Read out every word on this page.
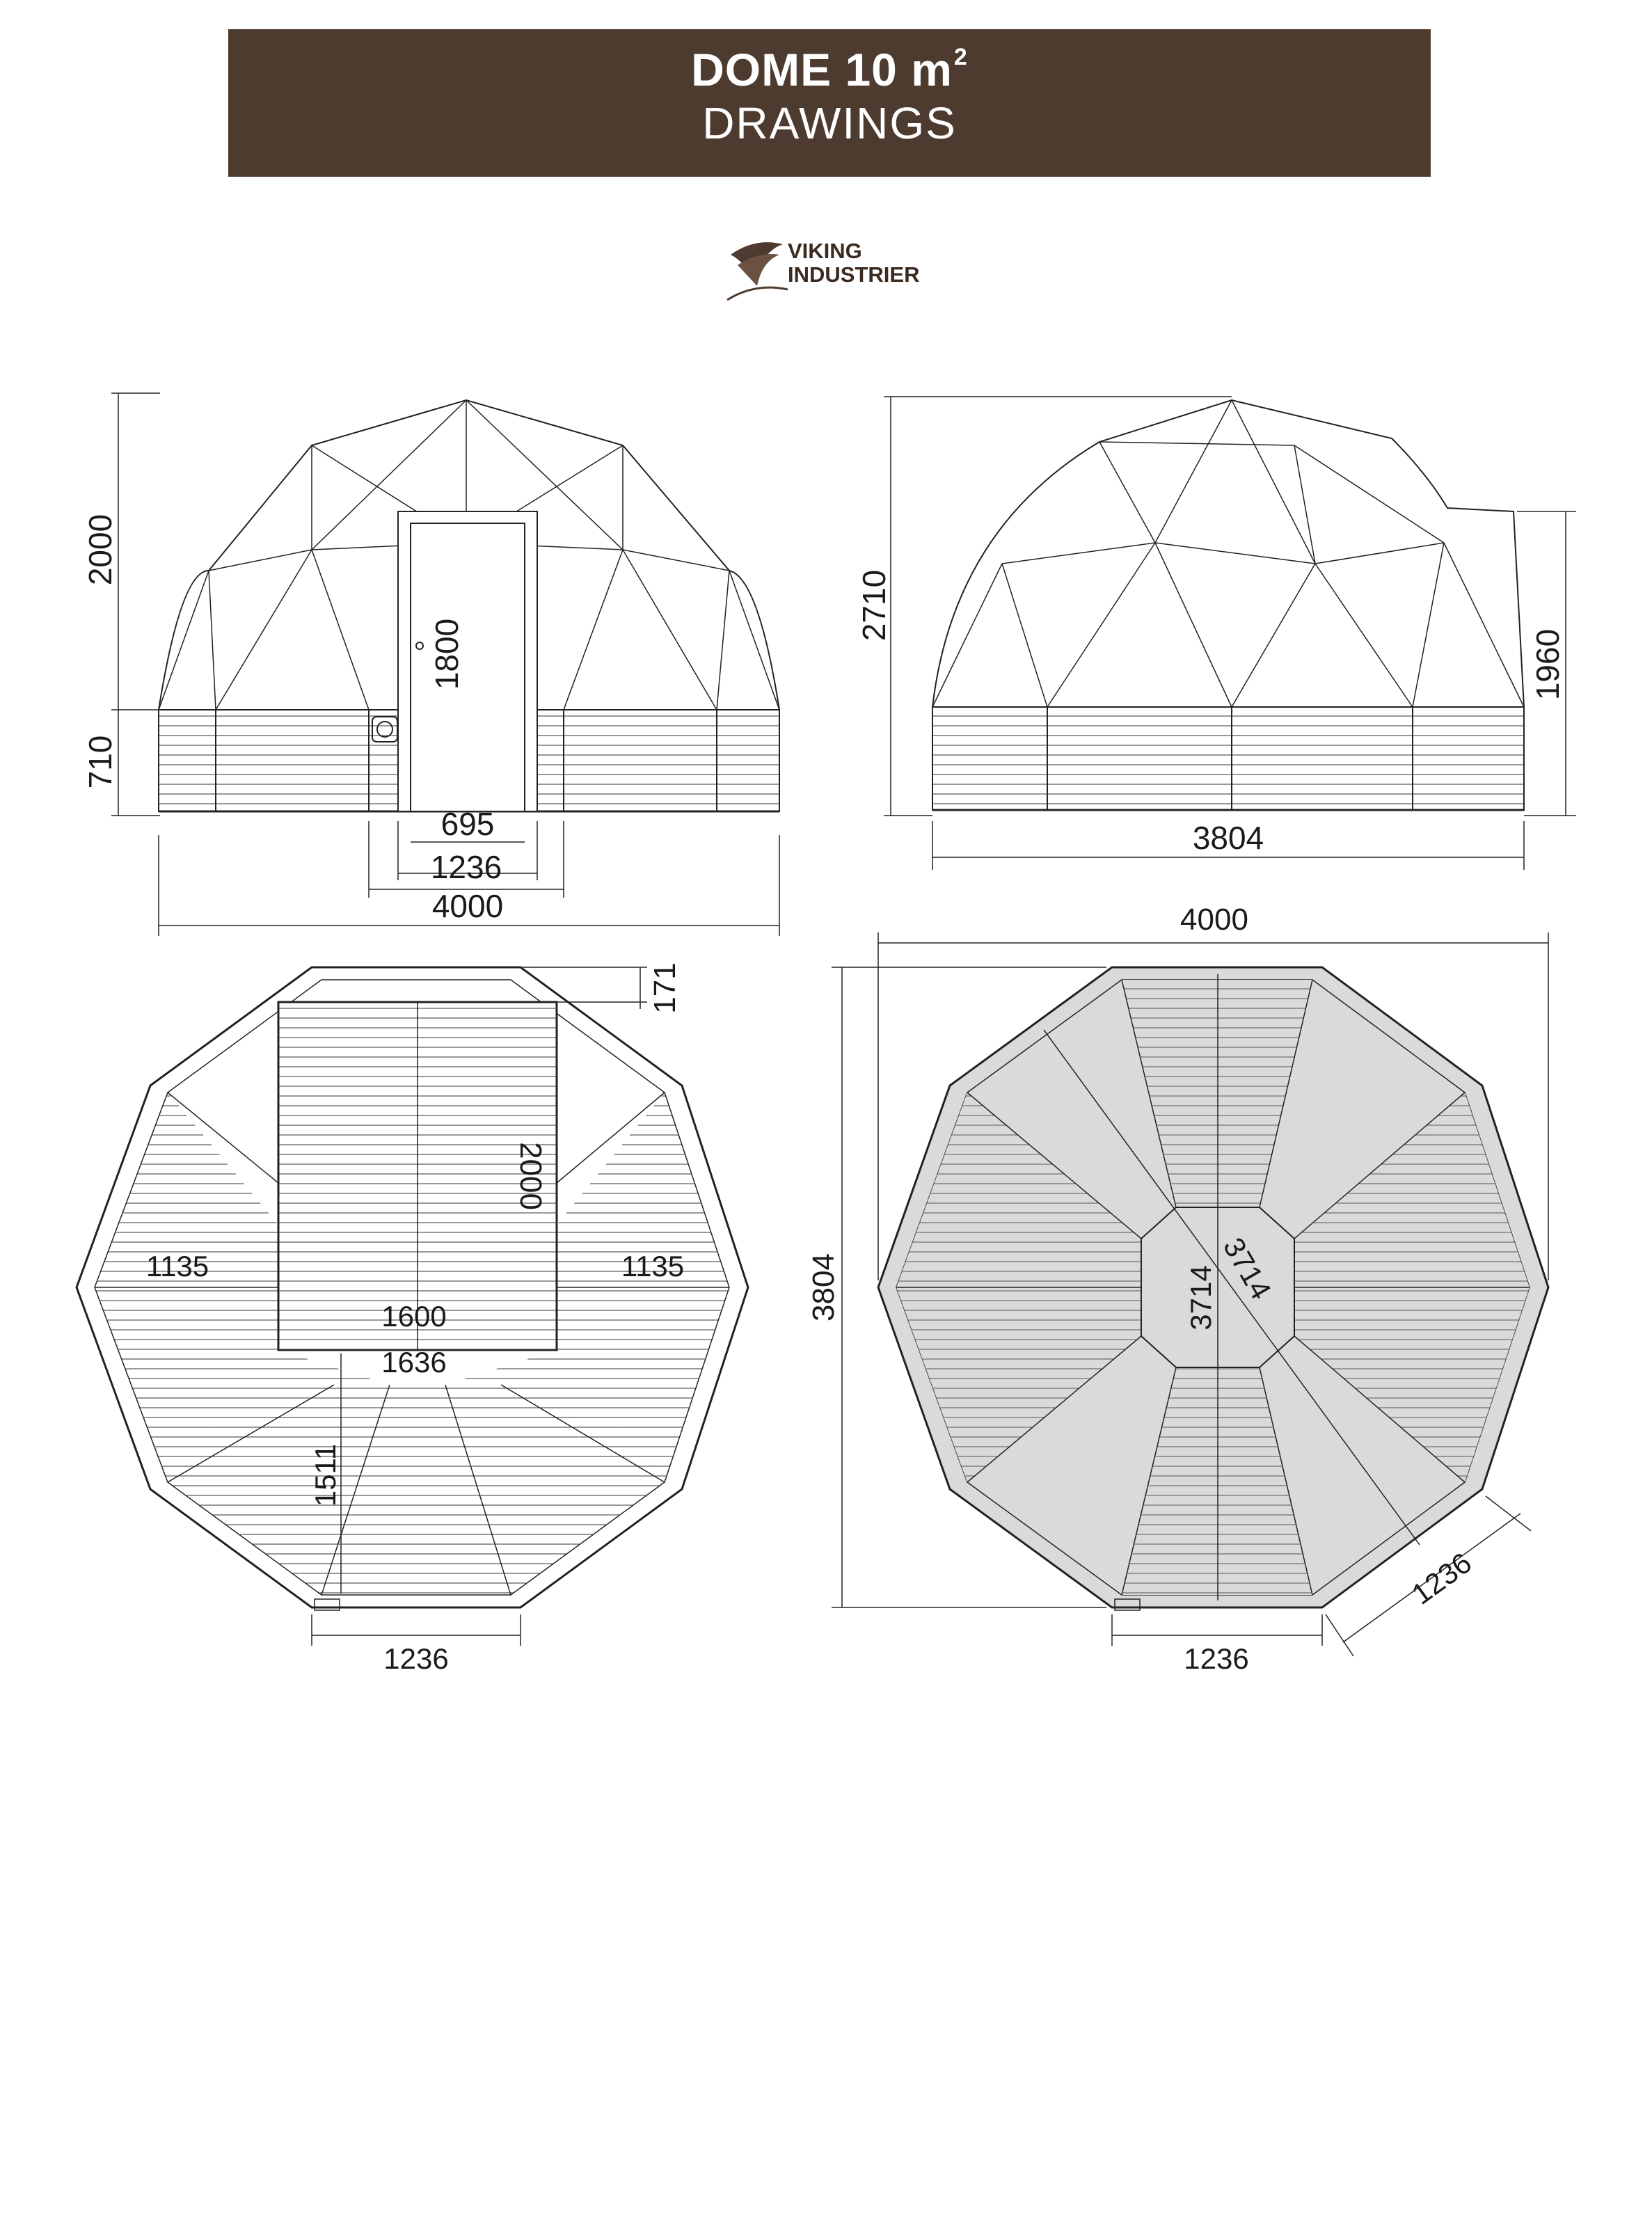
DOME 10 $m^2$
DRAWINGS
VIKING
INDUSTRIER
2000
710
1800
695
1236
4000
2710
1960
3804
171
2000
1135	1135
1600
1636
1511
1236
4000
3804	3714 3714
1236
1236
